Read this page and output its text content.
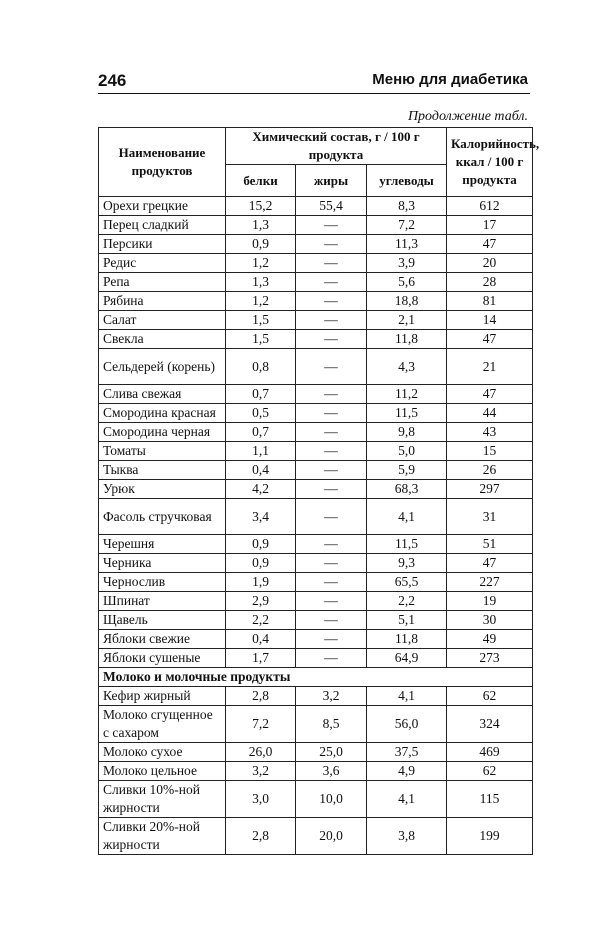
246	Меню для диабетика
Продолжение табл.
Наименование продуктов	Химический состав, г / 100 г продукта			Калорийность, ккал / 100 г продукта
	белки	жиры	углеводы	
Орехи грецкие	15,2	55,4	8,3	612
Перец сладкий	1,3	—	7,2	17
Персики	0,9	—	11,3	47
Редис	1,2	—	3,9	20
Репа	1,3	—	5,6	28
Рябина	1,2	—	18,8	81
Салат	1,5	—	2,1	14
Свекла	1,5	—	11,8	47
Сельдерей (корень)	0,8	—	4,3	21
Слива свежая	0,7	—	11,2	47
Смородина красная	0,5	—	11,5	44
Смородина черная	0,7	—	9,8	43
Томаты	1,1	—	5,0	15
Тыква	0,4	—	5,9	26
Урюк	4,2	—	68,3	297
Фасоль стручковая	3,4	—	4,1	31
Черешня	0,9	—	11,5	51
Черника	0,9	—	9,3	47
Чернослив	1,9	—	65,5	227
Шпинат	2,9	—	2,2	19
Щавель	2,2	—	5,1	30
Яблоки свежие	0,4	—	11,8	49
Яблоки сушеные	1,7	—	64,9	273
Молоко и молочные продукты				
Кефир жирный	2,8	3,2	4,1	62
Молоко сгущенное с сахаром	7,2	8,5	56,0	324
Молоко сухое	26,0	25,0	37,5	469
Молоко цельное	3,2	3,6	4,9	62
Сливки 10%-ной жирности	3,0	10,0	4,1	115
Сливки 20%-ной жирности	2,8	20,0	3,8	199
